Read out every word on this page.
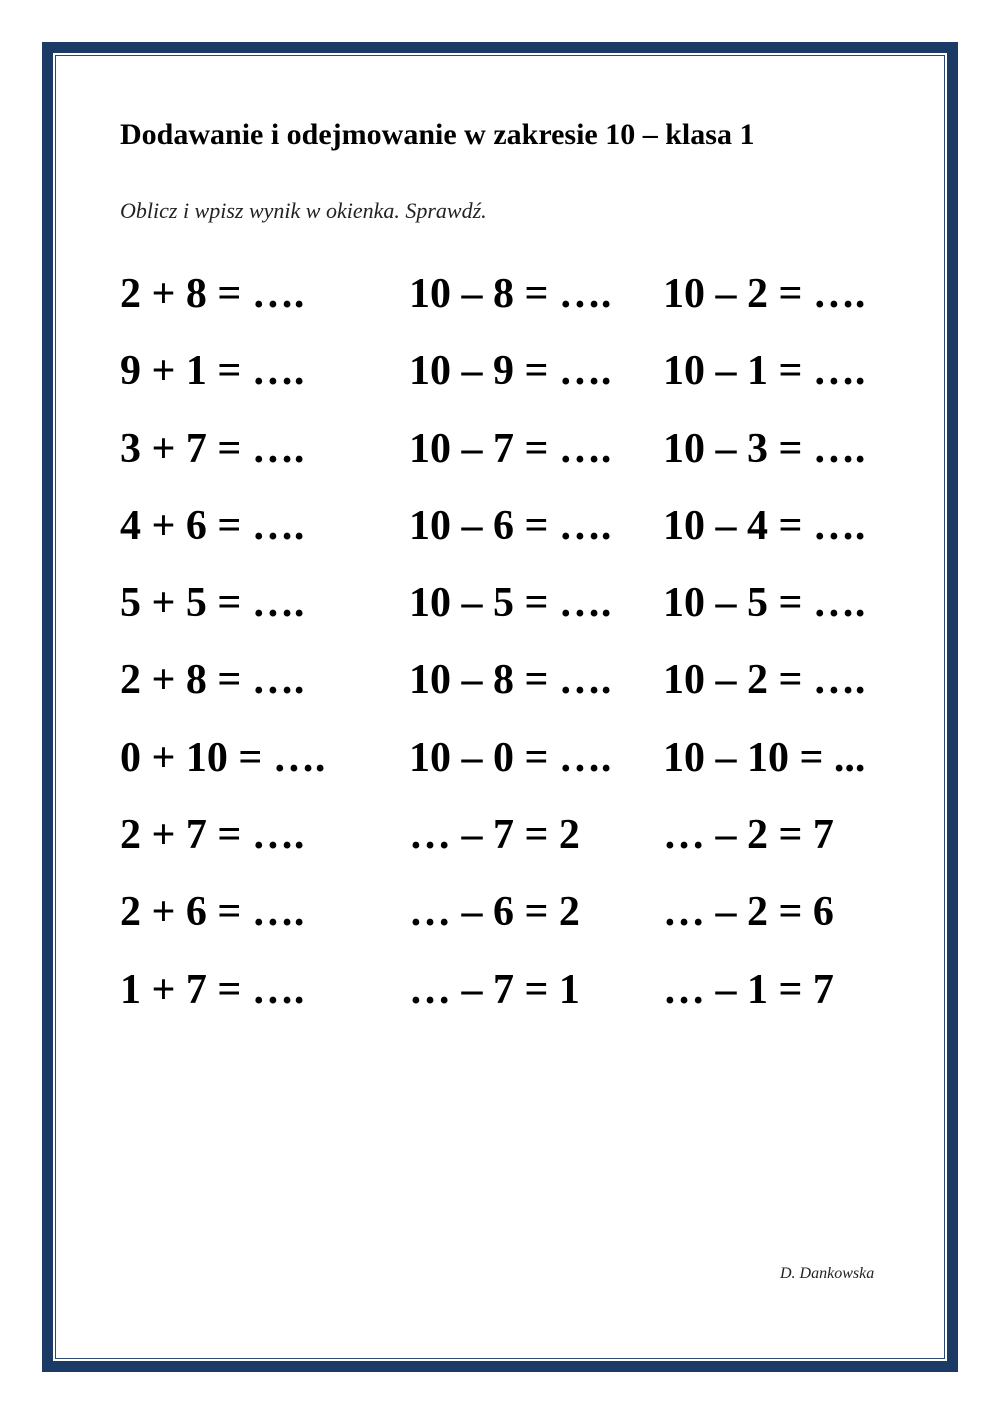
Dodawanie i odejmowanie w zakresie 10 – klasa 1
Oblicz i wpisz wynik w okienka. Sprawdź.
2 + 8 = …. 10 – 8 = …. 10 – 2 = ….
9 + 1 = …. 10 – 9 = …. 10 – 1 = ….
3 + 7 = …. 10 – 7 = …. 10 – 3 = ….
4 + 6 = …. 10 – 6 = …. 10 – 4 = ….
5 + 5 = …. 10 – 5 = …. 10 – 5 = ….
2 + 8 = …. 10 – 8 = …. 10 – 2 = ….
0 + 10 = …. 10 – 0 = …. 10 – 10 = ...
2 + 7 = …. … – 7 = 2 … – 2 = 7
2 + 6 = …. … – 6 = 2 … – 2 = 6
1 + 7 = …. … – 7 = 1 … – 1 = 7
D. Dankowska
